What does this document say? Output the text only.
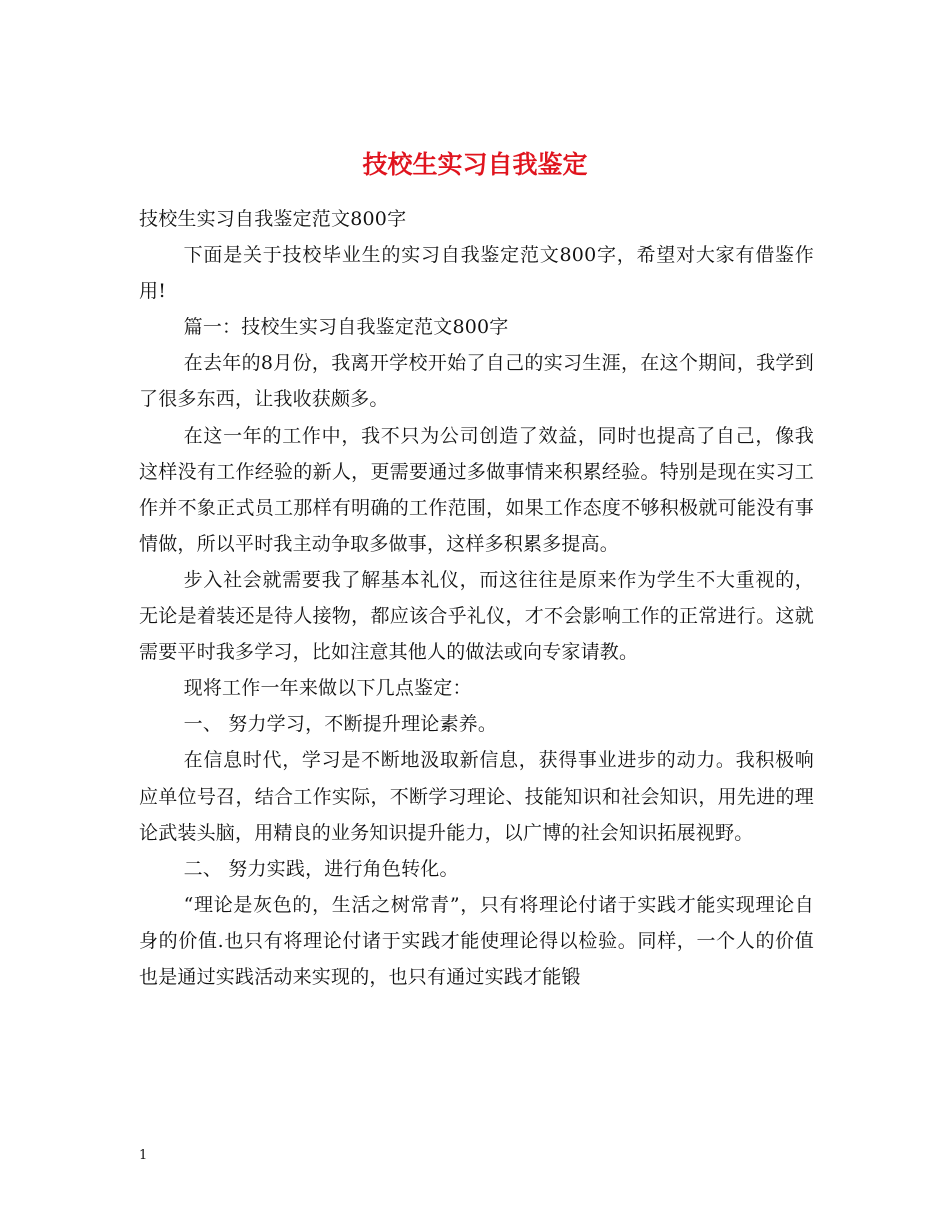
技校生实习自我鉴定

技校生实习自我鉴定范文800字

下面是关于技校毕业生的实习自我鉴定范文800字，希望对大家有借鉴作用!

篇一：技校生实习自我鉴定范文800字

在去年的8月份，我离开学校开始了自己的实习生涯，在这个期间，我学到了很多东西，让我收获颇多。

在这一年的工作中，我不只为公司创造了效益，同时也提高了自己，像我这样没有工作经验的新人，更需要通过多做事情来积累经验。特别是现在实习工作并不象正式员工那样有明确的工作范围，如果工作态度不够积极就可能没有事情做，所以平时我主动争取多做事，这样多积累多提高。

步入社会就需要我了解基本礼仪，而这往往是原来作为学生不大重视的，无论是着装还是待人接物，都应该合乎礼仪，才不会影响工作的正常进行。这就需要平时我多学习，比如注意其他人的做法或向专家请教。

现将工作一年来做以下几点鉴定：

一、 努力学习，不断提升理论素养。

在信息时代，学习是不断地汲取新信息，获得事业进步的动力。我积极响应单位号召，结合工作实际，不断学习理论、技能知识和社会知识，用先进的理论武装头脑，用精良的业务知识提升能力，以广博的社会知识拓展视野。

二、 努力实践，进行角色转化。

“理论是灰色的，生活之树常青”，只有将理论付诸于实践才能实现理论自身的价值.也只有将理论付诸于实践才能使理论得以检验。同样，一个人的价值也是通过实践活动来实现的，也只有通过实践才能锻

1
